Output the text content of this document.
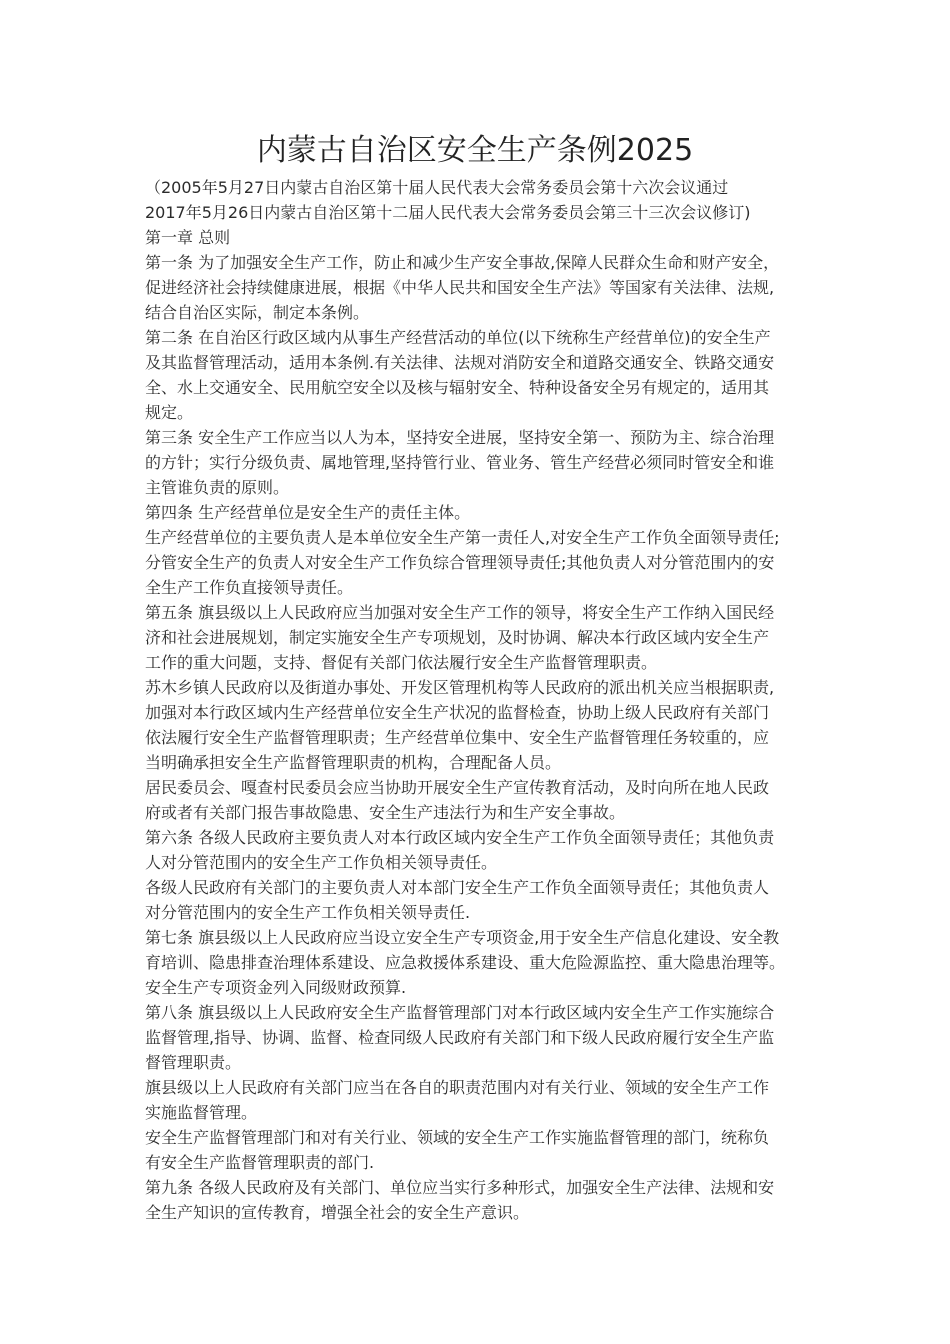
内蒙古自治区安全生产条例2025
（2005年5月27日内蒙古自治区第十届人民代表大会常务委员会第十六次会议通过
2017年5月26日内蒙古自治区第十二届人民代表大会常务委员会第三十三次会议修订)
第一章 总则
第一条 为了加强安全生产工作，防止和减少生产安全事故,保障人民群众生命和财产安全，
促进经济社会持续健康进展，根据《中华人民共和国安全生产法》等国家有关法律、法规,
结合自治区实际，制定本条例。
第二条 在自治区行政区域内从事生产经营活动的单位(以下统称生产经营单位)的安全生产
及其监督管理活动，适用本条例.有关法律、法规对消防安全和道路交通安全、铁路交通安
全、水上交通安全、民用航空安全以及核与辐射安全、特种设备安全另有规定的，适用其
规定。
第三条 安全生产工作应当以人为本，坚持安全进展，坚持安全第一、预防为主、综合治理
的方针；实行分级负责、属地管理,坚持管行业、管业务、管生产经营必须同时管安全和谁
主管谁负责的原则。
第四条 生产经营单位是安全生产的责任主体。
生产经营单位的主要负责人是本单位安全生产第一责任人,对安全生产工作负全面领导责任;
分管安全生产的负责人对安全生产工作负综合管理领导责任;其他负责人对分管范围内的安
全生产工作负直接领导责任。
第五条 旗县级以上人民政府应当加强对安全生产工作的领导，将安全生产工作纳入国民经
济和社会进展规划，制定实施安全生产专项规划，及时协调、解决本行政区域内安全生产
工作的重大问题，支持、督促有关部门依法履行安全生产监督管理职责。
苏木乡镇人民政府以及街道办事处、开发区管理机构等人民政府的派出机关应当根据职责,
加强对本行政区域内生产经营单位安全生产状况的监督检查，协助上级人民政府有关部门
依法履行安全生产监督管理职责；生产经营单位集中、安全生产监督管理任务较重的，应
当明确承担安全生产监督管理职责的机构，合理配备人员。
居民委员会、嘎查村民委员会应当协助开展安全生产宣传教育活动，及时向所在地人民政
府或者有关部门报告事故隐患、安全生产违法行为和生产安全事故。
第六条 各级人民政府主要负责人对本行政区域内安全生产工作负全面领导责任；其他负责
人对分管范围内的安全生产工作负相关领导责任。
各级人民政府有关部门的主要负责人对本部门安全生产工作负全面领导责任；其他负责人
对分管范围内的安全生产工作负相关领导责任.
第七条 旗县级以上人民政府应当设立安全生产专项资金,用于安全生产信息化建设、安全教
育培训、隐患排查治理体系建设、应急救援体系建设、重大危险源监控、重大隐患治理等。
安全生产专项资金列入同级财政预算.
第八条 旗县级以上人民政府安全生产监督管理部门对本行政区域内安全生产工作实施综合
监督管理,指导、协调、监督、检查同级人民政府有关部门和下级人民政府履行安全生产监
督管理职责。
旗县级以上人民政府有关部门应当在各自的职责范围内对有关行业、领域的安全生产工作
实施监督管理。
安全生产监督管理部门和对有关行业、领域的安全生产工作实施监督管理的部门，统称负
有安全生产监督管理职责的部门.
第九条 各级人民政府及有关部门、单位应当实行多种形式，加强安全生产法律、法规和安
全生产知识的宣传教育，增强全社会的安全生产意识。
